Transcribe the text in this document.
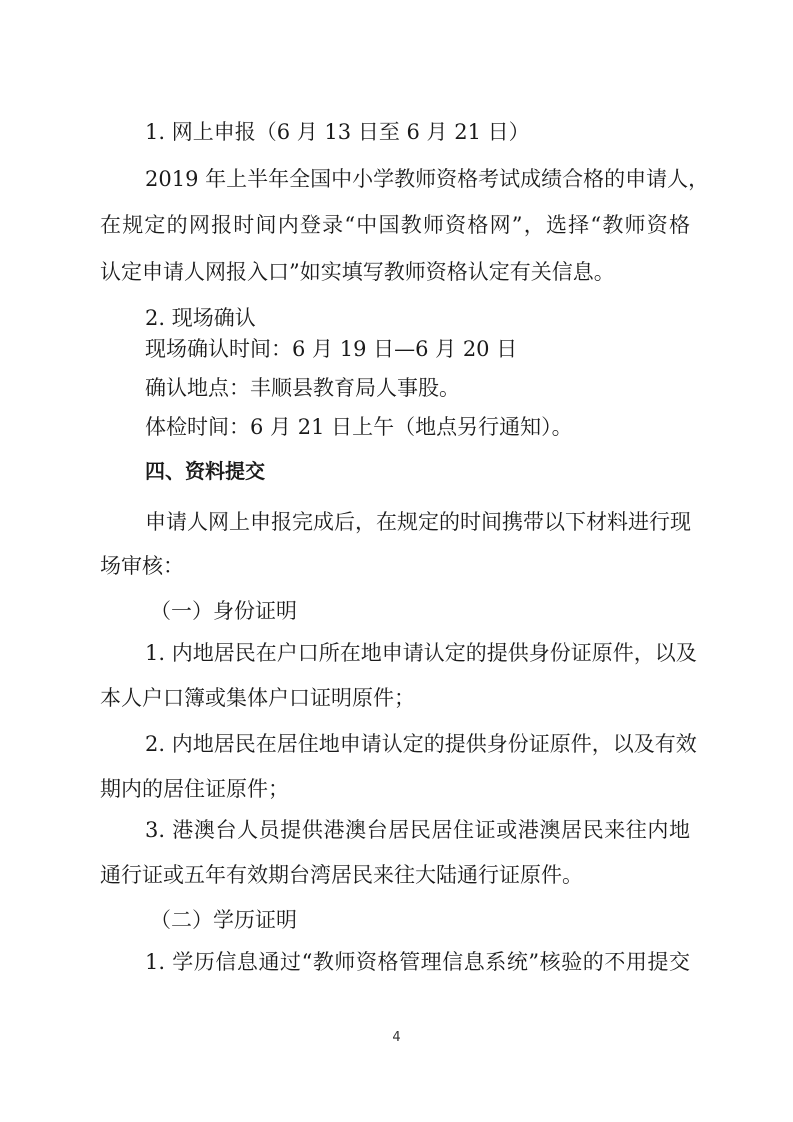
1. 网上申报（6 月 13 日至 6 月 21 日）
2019 年上半年全国中小学教师资格考试成绩合格的申请人，
在规定的网报时间内登录“中国教师资格网”，选择“教师资格
认定申请人网报入口”如实填写教师资格认定有关信息。
2. 现场确认
现场确认时间：6 月 19 日—6 月 20 日
确认地点：丰顺县教育局人事股。
体检时间：6 月 21 日上午（地点另行通知）。
四、资料提交
申请人网上申报完成后，在规定的时间携带以下材料进行现
场审核：
（一）身份证明
1. 内地居民在户口所在地申请认定的提供身份证原件，以及
本人户口簿或集体户口证明原件；
2. 内地居民在居住地申请认定的提供身份证原件，以及有效
期内的居住证原件；
3. 港澳台人员提供港澳台居民居住证或港澳居民来往内地
通行证或五年有效期台湾居民来往大陆通行证原件。
（二）学历证明
1. 学历信息通过“教师资格管理信息系统”核验的不用提交
4
